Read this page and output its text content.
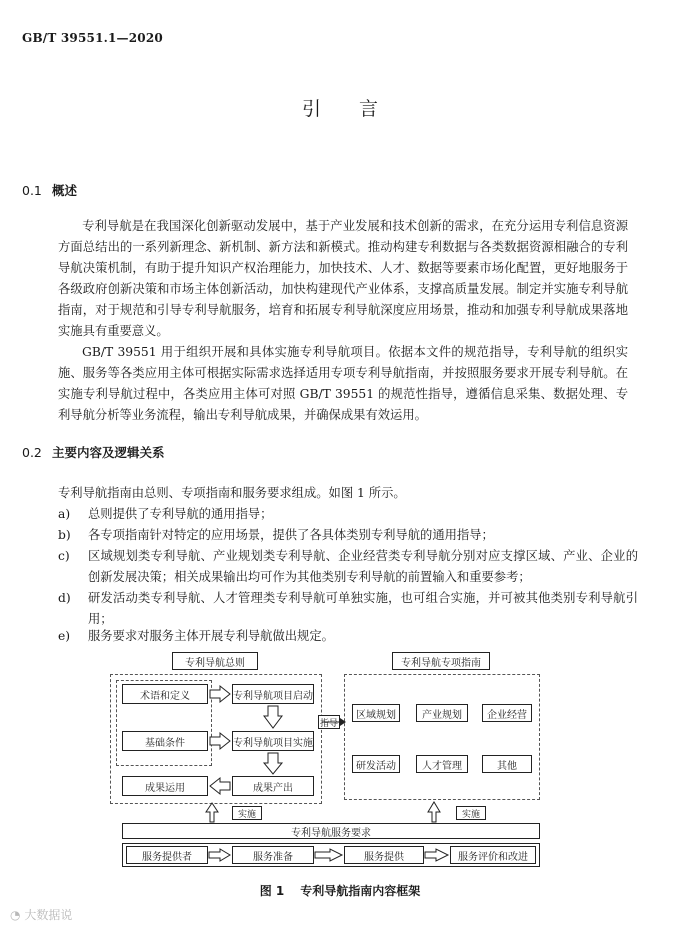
GB/T 39551.1—2020
引言
0.1 概述
专利导航是在我国深化创新驱动发展中，基于产业发展和技术创新的需求，在充分运用专利信息资源方面总结出的一系列新理念、新机制、新方法和新模式。推动构建专利数据与各类数据资源相融合的专利导航决策机制，有助于提升知识产权治理能力，加快技术、人才、数据等要素市场化配置，更好地服务于各级政府创新决策和市场主体创新活动，加快构建现代产业体系，支撑高质量发展。制定并实施专利导航指南，对于规范和引导专利导航服务，培育和拓展专利导航深度应用场景，推动和加强专利导航成果落地实施具有重要意义。
GB/T 39551 用于组织开展和具体实施专利导航项目。依据本文件的规范指导，专利导航的组织实施、服务等各类应用主体可根据实际需求选择适用专项专利导航指南，并按照服务要求开展专利导航。在实施专利导航过程中，各类应用主体可对照 GB/T 39551 的规范性指导，遵循信息采集、数据处理、专利导航分析等业务流程，输出专利导航成果，并确保成果有效运用。
0.2 主要内容及逻辑关系
专利导航指南由总则、专项指南和服务要求组成。如图 1 所示。
a) 总则提供了专利导航的通用指导；
b) 各专项指南针对特定的应用场景，提供了各具体类别专利导航的通用指导；
c) 区域规划类专利导航、产业规划类专利导航、企业经营类专利导航分别对应支撑区域、产业、企业的创新发展决策；相关成果输出均可作为其他类别专利导航的前置输入和重要参考；
d) 研发活动类专利导航、人才管理类专利导航可单独实施，也可组合实施，并可被其他类别专利导航引用；
e) 服务要求对服务主体开展专利导航做出规定。
专利导航总则	专利导航专项指南
术语和定义
基础条件
专利导航项目启动
专利导航项目实施
成果产出
成果运用
区域规划	产业规划	企业经营
研发活动	人才管理	其他
指导
实施	实施
专利导航服务要求
服务提供者	服务准备	服务提供	服务评价和改进
图 1 专利导航指南内容框架
◔ 大数据说
